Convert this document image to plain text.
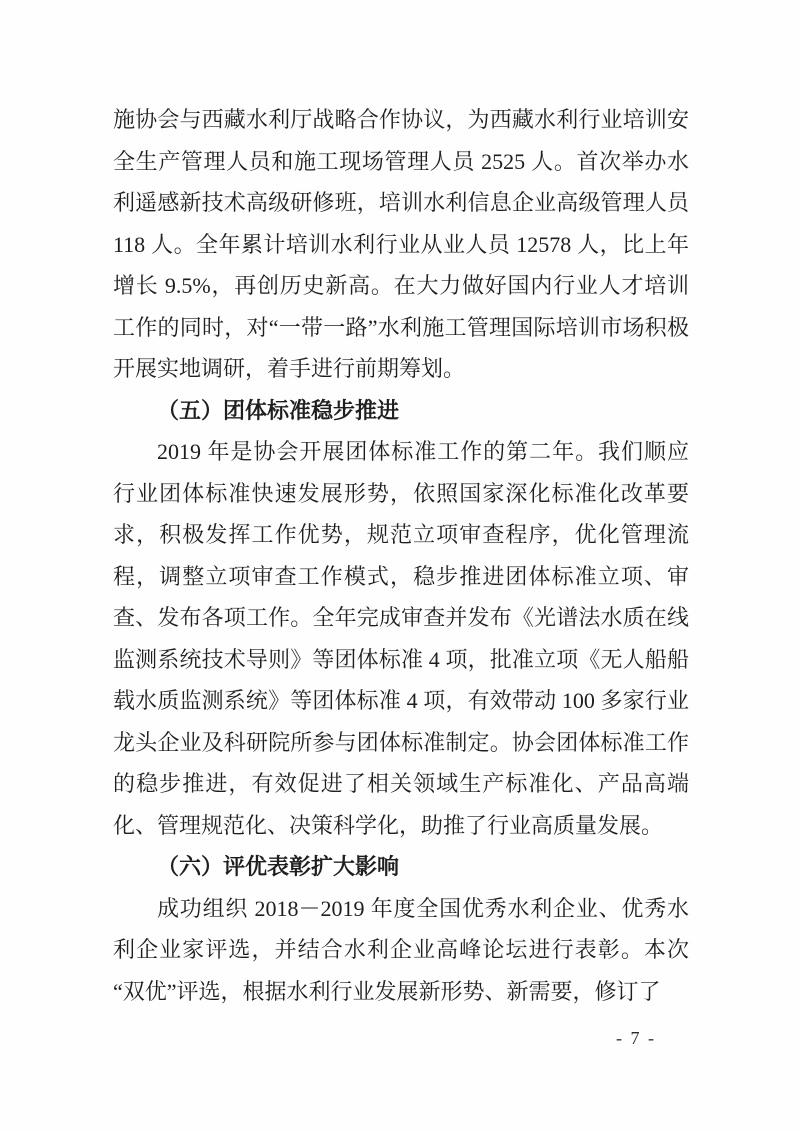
施协会与西藏水利厅战略合作协议，为西藏水利行业培训安全生产管理人员和施工现场管理人员 2525 人。首次举办水利遥感新技术高级研修班，培训水利信息企业高级管理人员 118 人。全年累计培训水利行业从业人员 12578 人，比上年增长 9.5%，再创历史新高。在大力做好国内行业人才培训工作的同时，对“一带一路”水利施工管理国际培训市场积极开展实地调研，着手进行前期筹划。

（五）团体标准稳步推进

2019 年是协会开展团体标准工作的第二年。我们顺应行业团体标准快速发展形势，依照国家深化标准化改革要求，积极发挥工作优势，规范立项审查程序，优化管理流程，调整立项审查工作模式，稳步推进团体标准立项、审查、发布各项工作。全年完成审查并发布《光谱法水质在线监测系统技术导则》等团体标准 4 项，批准立项《无人船船载水质监测系统》等团体标准 4 项，有效带动 100 多家行业龙头企业及科研院所参与团体标准制定。协会团体标准工作的稳步推进，有效促进了相关领域生产标准化、产品高端化、管理规范化、决策科学化，助推了行业高质量发展。

（六）评优表彰扩大影响

成功组织 2018－2019 年度全国优秀水利企业、优秀水利企业家评选，并结合水利企业高峰论坛进行表彰。本次“双优”评选，根据水利行业发展新形势、新需要，修订了

- 7 -
